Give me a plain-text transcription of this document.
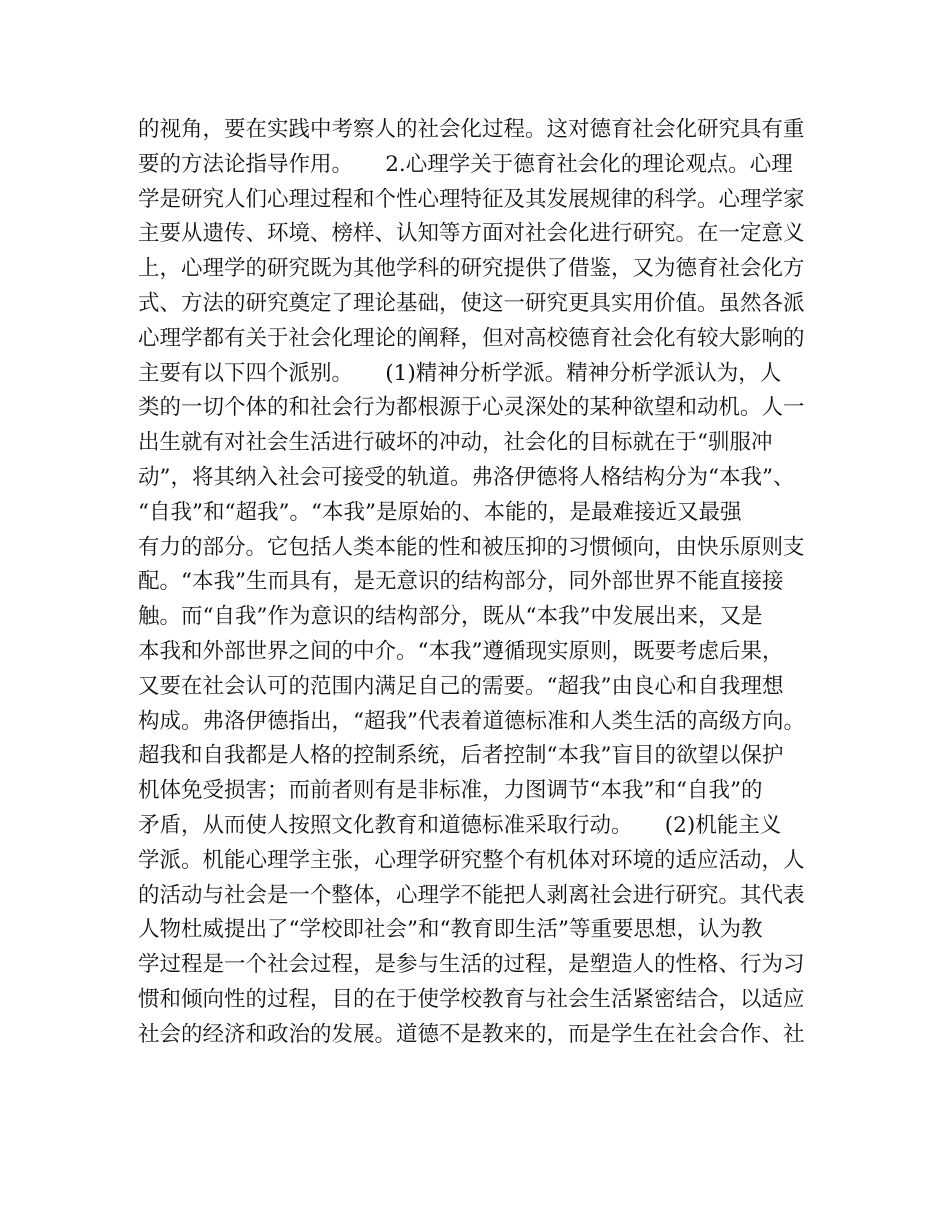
的视角，要在实践中考察人的社会化过程。这对德育社会化研究具有重
要的方法论指导作用。　　2.心理学关于德育社会化的理论观点。心理
学是研究人们心理过程和个性心理特征及其发展规律的科学。心理学家
主要从遗传、环境、榜样、认知等方面对社会化进行研究。在一定意义
上，心理学的研究既为其他学科的研究提供了借鉴，又为德育社会化方
式、方法的研究奠定了理论基础，使这一研究更具实用价值。虽然各派
心理学都有关于社会化理论的阐释，但对高校德育社会化有较大影响的
主要有以下四个派别。　　(1)精神分析学派。精神分析学派认为，人
类的一切个体的和社会行为都根源于心灵深处的某种欲望和动机。人一
出生就有对社会生活进行破坏的冲动，社会化的目标就在于“驯服冲
动”，将其纳入社会可接受的轨道。弗洛伊德将人格结构分为“本我”、
“自我”和“超我”。“本我”是原始的、本能的，是最难接近又最强
有力的部分。它包括人类本能的性和被压抑的习惯倾向，由快乐原则支
配。“本我”生而具有，是无意识的结构部分，同外部世界不能直接接
触。而“自我”作为意识的结构部分，既从“本我”中发展出来，又是
本我和外部世界之间的中介。“本我”遵循现实原则，既要考虑后果，
又要在社会认可的范围内满足自己的需要。“超我”由良心和自我理想
构成。弗洛伊德指出，“超我”代表着道德标准和人类生活的高级方向。
超我和自我都是人格的控制系统，后者控制“本我”盲目的欲望以保护
机体免受损害；而前者则有是非标准，力图调节“本我”和“自我”的
矛盾，从而使人按照文化教育和道德标准采取行动。　　(2)机能主义
学派。机能心理学主张，心理学研究整个有机体对环境的适应活动，人
的活动与社会是一个整体，心理学不能把人剥离社会进行研究。其代表
人物杜威提出了“学校即社会”和“教育即生活”等重要思想，认为教
学过程是一个社会过程，是参与生活的过程，是塑造人的性格、行为习
惯和倾向性的过程，目的在于使学校教育与社会生活紧密结合，以适应
社会的经济和政治的发展。道德不是教来的，而是学生在社会合作、社
